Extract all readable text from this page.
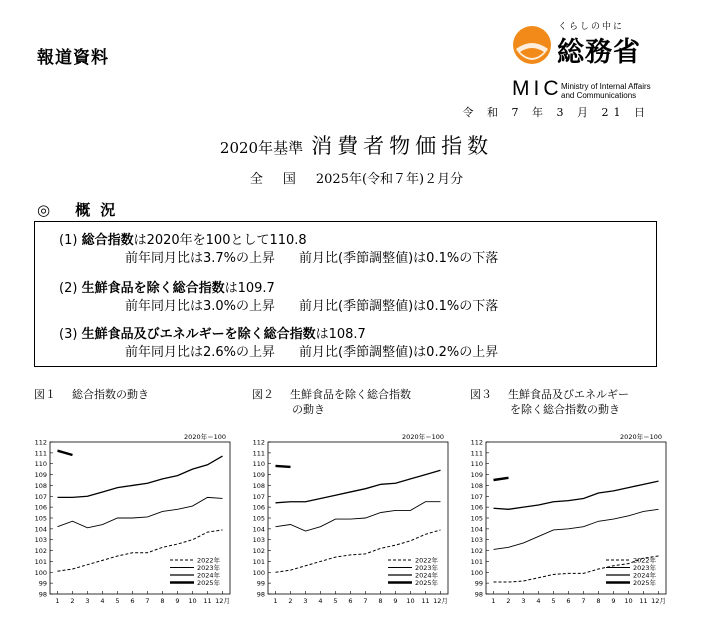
報道資料
くらしの中に
総務省
MIC
Ministry of Internal Affairs
and Communications
令 和 7 年 3 月 21 日
2020年基準 消費者物価指数
全国2025年(令和７年)２月分
◎ 概況
(1) 総合指数は2020年を100として110.8
前年同月比は3.7%の上昇 前月比(季節調整値)は0.1%の下落
(2) 生鮮食品を除く総合指数は109.7
前年同月比は3.0%の上昇 前月比(季節調整値)は0.1%の下落
(3) 生鮮食品及びエネルギーを除く総合指数は108.7
前年同月比は2.6%の上昇 前月比(季節調整値)は0.2%の上昇
図１ 総合指数の動き	図２ 生鮮食品を除く総合指数
の動き
図３ 生鮮食品及びエネルギー
を除く総合指数の動き
98
99
100
101
102
103
104
105
106
107
108
109
110
111
112
1 2 3 4 5 6 7 8 9 10 11 12月
2020年＝100
2022年
2023年
2024年
2025年
98
99
100
101
102
103
104
105
106
107
108
109
110
111
112
1 2 3 4 5 6 7 8 9 10 11 12月
2020年＝100
2022年
2023年
2024年
2025年
98
99
100
101
102
103
104
105
106
107
108
109
110
111
112
1 2 3 4 5 6 7 8 9 10 11 12月
2020年＝100
2022年
2023年
2024年
2025年
